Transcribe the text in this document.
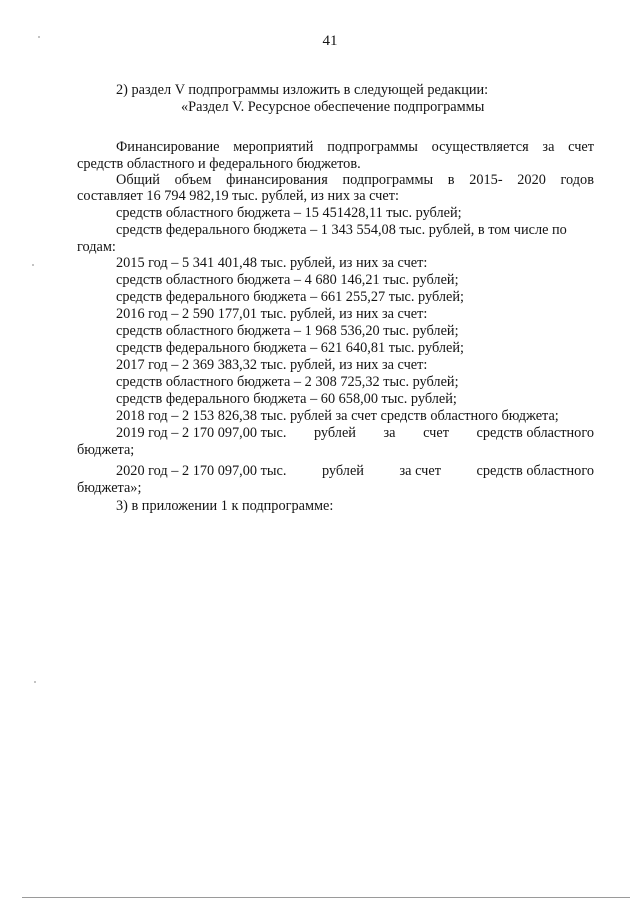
41
2) раздел V подпрограммы изложить в следующей редакции:
«Раздел V. Ресурсное обеспечение подпрограммы
Финансирование мероприятий подпрограммы осуществляется за счет
средств областного и федерального бюджетов.
Общий объем финансирования подпрограммы в 2015- 2020 годов
составляет 16 794 982,19 тыс. рублей, из них за счет:
средств областного бюджета – 15 451428,11 тыс. рублей;
средств федерального бюджета – 1 343 554,08 тыс. рублей, в том числе по
годам:
2015 год – 5 341 401,48 тыс. рублей, из них за счет:
средств областного бюджета – 4 680 146,21 тыс. рублей;
средств федерального бюджета – 661 255,27 тыс. рублей;
2016 год – 2 590 177,01 тыс. рублей, из них за счет:
средств областного бюджета – 1 968 536,20 тыс. рублей;
средств федерального бюджета – 621 640,81 тыс. рублей;
2017 год – 2 369 383,32 тыс. рублей, из них за счет:
средств областного бюджета – 2 308 725,32 тыс. рублей;
средств федерального бюджета – 60 658,00 тыс. рублей;
2018 год – 2 153 826,38 тыс. рублей за счет средств областного бюджета;
2019 год – 2 170 097,00 тыс. рублей за счет средств областного
бюджета;
2020 год – 2 170 097,00 тыс. рублей за счет средств областного
бюджета»;
3) в приложении 1 к подпрограмме:
